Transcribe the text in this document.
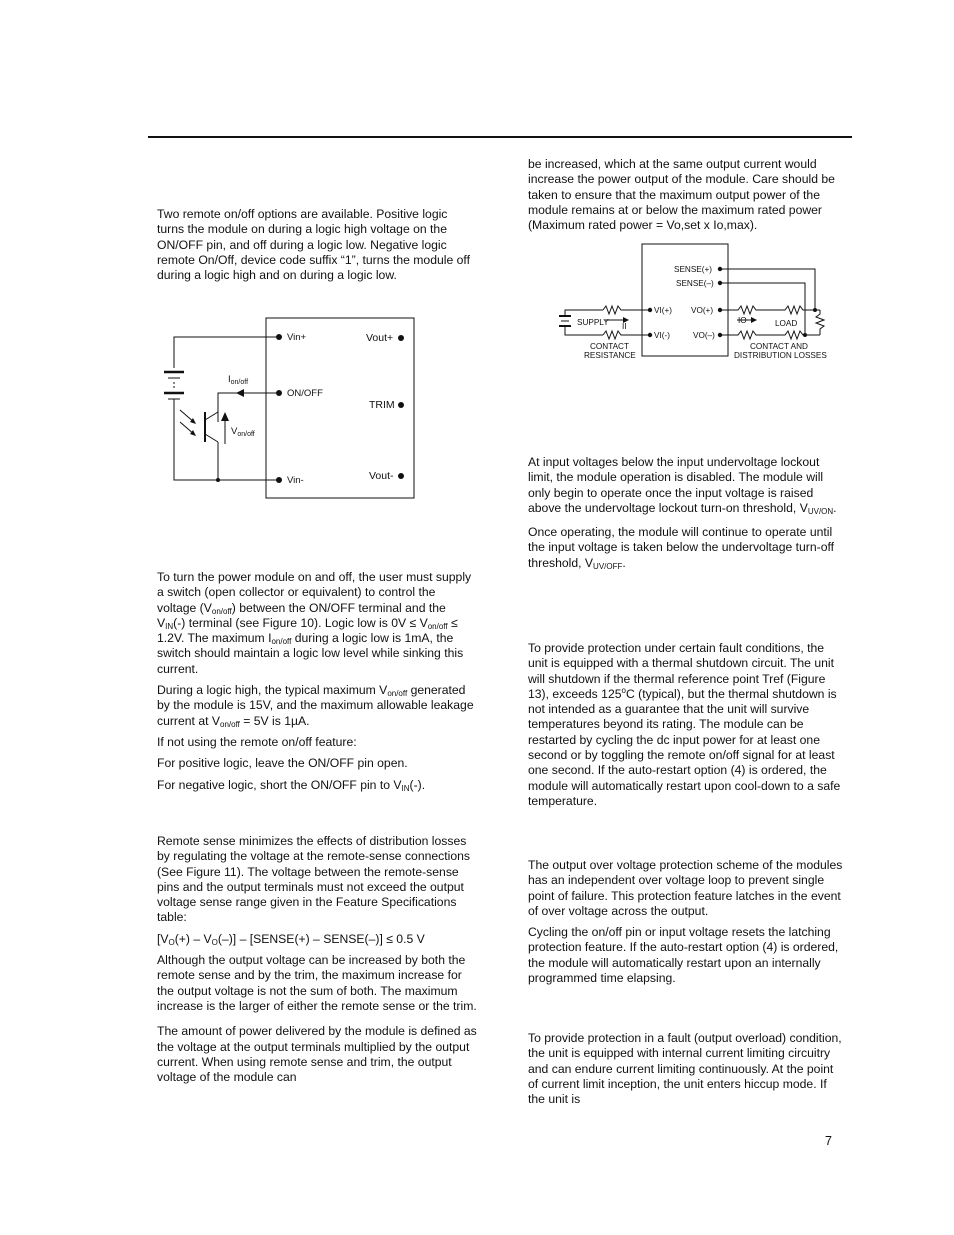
Two remote on/off options are available. Positive logic turns the module on during a logic high voltage on the ON/OFF pin, and off during a logic low. Negative logic remote On/Off, device code suffix “1”, turns the module off during a logic high and on during a logic low.

Vin+
ON/OFF
Vin-
Vout+
TRIM
Vout-
$I_{on/off}$
$V_{on/off}$

To turn the power module on and off, the user must supply a switch (open collector or equivalent) to control the voltage $(V_{on/off})$ between the ON/OFF terminal and the $V_{IN}(-)$ terminal (see Figure 10). Logic low is $0V \le V_{on/off} \le 1.2V$. The maximum $I_{on/off}$ during a logic low is 1mA, the switch should maintain a logic low level while sinking this current.

During a logic high, the typical maximum $V_{on/off}$ generated by the module is 15V, and the maximum allowable leakage current at $V_{on/off} = 5V$ is 1µA.

If not using the remote on/off feature:

For positive logic, leave the ON/OFF pin open.

For negative logic, short the ON/OFF pin to $V_{IN}(-)$.

Remote sense minimizes the effects of distribution losses by regulating the voltage at the remote-sense connections (See Figure 11). The voltage between the remote-sense pins and the output terminals must not exceed the output voltage sense range given in the Feature Specifications table:

$[V_O(+) - V_O(-)]$ – [SENSE(+) – SENSE(–)] ≤ 0.5 V

Although the output voltage can be increased by both the remote sense and by the trim, the maximum increase for the output voltage is not the sum of both. The maximum increase is the larger of either the remote sense or the trim.

The amount of power delivered by the module is defined as the voltage at the output terminals multiplied by the output current. When using remote sense and trim, the output voltage of the module can

be increased, which at the same output current would increase the power output of the module. Care should be taken to ensure that the maximum output power of the module remains at or below the maximum rated power (Maximum rated power = Vo,set x Io,max).

SENSE(+)
SENSE(–)
VI(+)
VI(-)
VO(+)
VO(–)
SUPPLY II
IO	LOAD
CONTACT
RESISTANCE
CONTACT AND
DISTRIBUTION LOSSES

At input voltages below the input undervoltage lockout limit, the module operation is disabled. The module will only begin to operate once the input voltage is raised above the undervoltage lockout turn-on threshold, $V_{UV/ON}$.

Once operating, the module will continue to operate until the input voltage is taken below the undervoltage turn-off threshold, $V_{UV/OFF}$.

To provide protection under certain fault conditions, the unit is equipped with a thermal shutdown circuit. The unit will shutdown if the thermal reference point Tref (Figure 13), exceeds 125$^o$C (typical), but the thermal shutdown is not intended as a guarantee that the unit will survive temperatures beyond its rating. The module can be restarted by cycling the dc input power for at least one second or by toggling the remote on/off signal for at least one second. If the auto-restart option (4) is ordered, the module will automatically restart upon cool-down to a safe temperature.

The output over voltage protection scheme of the modules has an independent over voltage loop to prevent single point of failure. This protection feature latches in the event of over voltage across the output.

Cycling the on/off pin or input voltage resets the latching protection feature. If the auto-restart option (4) is ordered, the module will automatically restart upon an internally programmed time elapsing.

To provide protection in a fault (output overload) condition, the unit is equipped with internal current limiting circuitry and can endure current limiting continuously. At the point of current limit inception, the unit enters hiccup mode. If the unit is

7
